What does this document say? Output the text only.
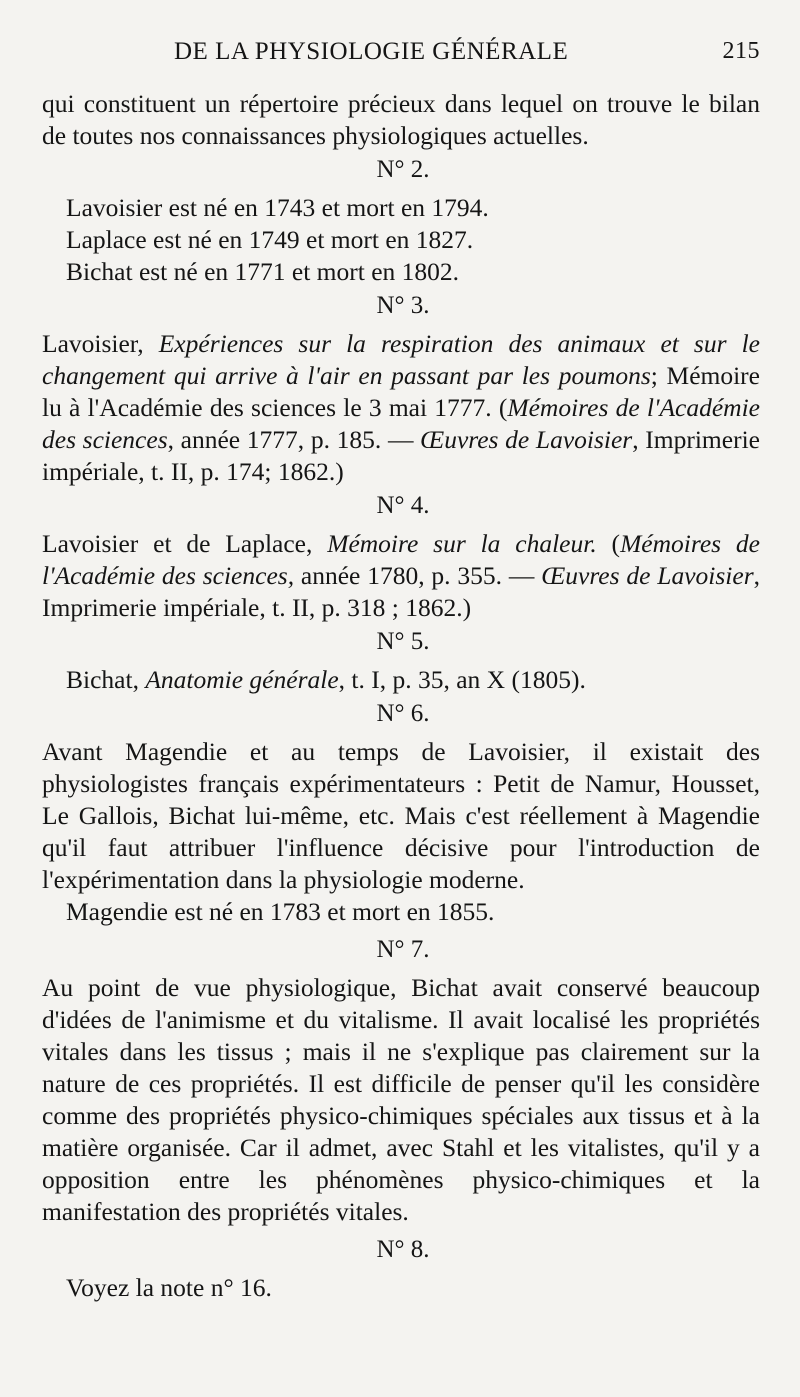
DE LA PHYSIOLOGIE GÉNÉRALE	215

qui constituent un répertoire précieux dans lequel on trouve le bilan de toutes nos connaissances physiologiques actuelles.

N° 2.

Lavoisier est né en 1743 et mort en 1794.

Laplace est né en 1749 et mort en 1827.

Bichat est né en 1771 et mort en 1802.

N° 3.

Lavoisier, Expériences sur la respiration des animaux et sur le changement qui arrive à l'air en passant par les poumons; Mémoire lu à l'Académie des sciences le 3 mai 1777. (Mémoires de l'Académie des sciences, année 1777, p. 185. — Œuvres de Lavoisier, Imprimerie impériale, t. II, p. 174; 1862.)

N° 4.

Lavoisier et de Laplace, Mémoire sur la chaleur. (Mémoires de l'Académie des sciences, année 1780, p. 355. — Œuvres de Lavoisier, Imprimerie impériale, t. II, p. 318 ; 1862.)

N° 5.

Bichat, Anatomie générale, t. I, p. 35, an X (1805).

N° 6.

Avant Magendie et au temps de Lavoisier, il existait des physiologistes français expérimentateurs : Petit de Namur, Housset, Le Gallois, Bichat lui-même, etc. Mais c'est réellement à Magendie qu'il faut attribuer l'influence décisive pour l'introduction de l'expérimentation dans la physiologie moderne.

Magendie est né en 1783 et mort en 1855.

N° 7.

Au point de vue physiologique, Bichat avait conservé beaucoup d'idées de l'animisme et du vitalisme. Il avait localisé les propriétés vitales dans les tissus ; mais il ne s'explique pas clairement sur la nature de ces propriétés. Il est difficile de penser qu'il les considère comme des propriétés physico-chimiques spéciales aux tissus et à la matière organisée. Car il admet, avec Stahl et les vitalistes, qu'il y a opposition entre les phénomènes physico-chimiques et la manifestation des propriétés vitales.

N° 8.

Voyez la note n° 16.
